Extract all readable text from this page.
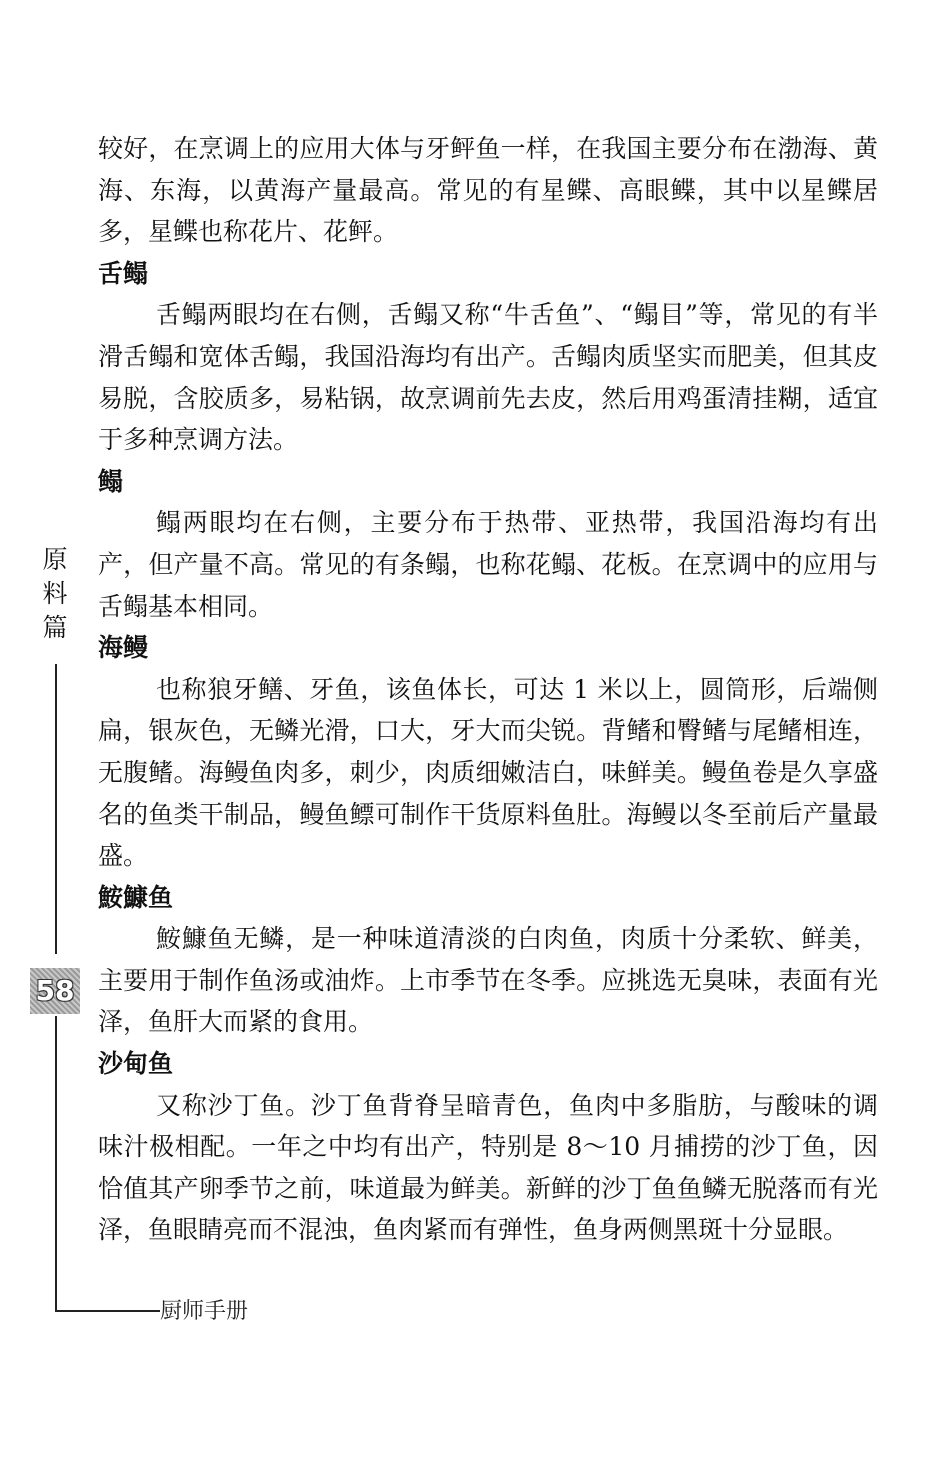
原
料
篇
58
厨师手册

较好，在烹调上的应用大体与牙鲆鱼一样，在我国主要分布在渤海、黄海、东海，以黄海产量最高。常见的有星鲽、高眼鲽，其中以星鲽居多，星鲽也称花片、花鲆。

舌鳎

舌鳎两眼均在右侧，舌鳎又称“牛舌鱼”、“鳎目”等，常见的有半滑舌鳎和宽体舌鳎，我国沿海均有出产。舌鳎肉质坚实而肥美，但其皮易脱，含胶质多，易粘锅，故烹调前先去皮，然后用鸡蛋清挂糊，适宜于多种烹调方法。

鳎

鳎两眼均在右侧，主要分布于热带、亚热带，我国沿海均有出产，但产量不高。常见的有条鳎，也称花鳎、花板。在烹调中的应用与舌鳎基本相同。

海鳗

也称狼牙鳝、牙鱼，该鱼体长，可达 1 米以上，圆筒形，后端侧扁，银灰色，无鳞光滑，口大，牙大而尖锐。背鳍和臀鳍与尾鳍相连，无腹鳍。海鳗鱼肉多，刺少，肉质细嫩洁白，味鲜美。鳗鱼卷是久享盛名的鱼类干制品，鳗鱼鳔可制作干货原料鱼肚。海鳗以冬至前后产量最盛。

鮟鱇鱼

鮟鱇鱼无鳞，是一种味道清淡的白肉鱼，肉质十分柔软、鲜美，主要用于制作鱼汤或油炸。上市季节在冬季。应挑选无臭味，表面有光泽，鱼肝大而紧的食用。

沙甸鱼

又称沙丁鱼。沙丁鱼背脊呈暗青色，鱼肉中多脂肪，与酸味的调味汁极相配。一年之中均有出产，特别是 8～10 月捕捞的沙丁鱼，因恰值其产卵季节之前，味道最为鲜美。新鲜的沙丁鱼鱼鳞无脱落而有光泽，鱼眼睛亮而不混浊，鱼肉紧而有弹性，鱼身两侧黑斑十分显眼。
